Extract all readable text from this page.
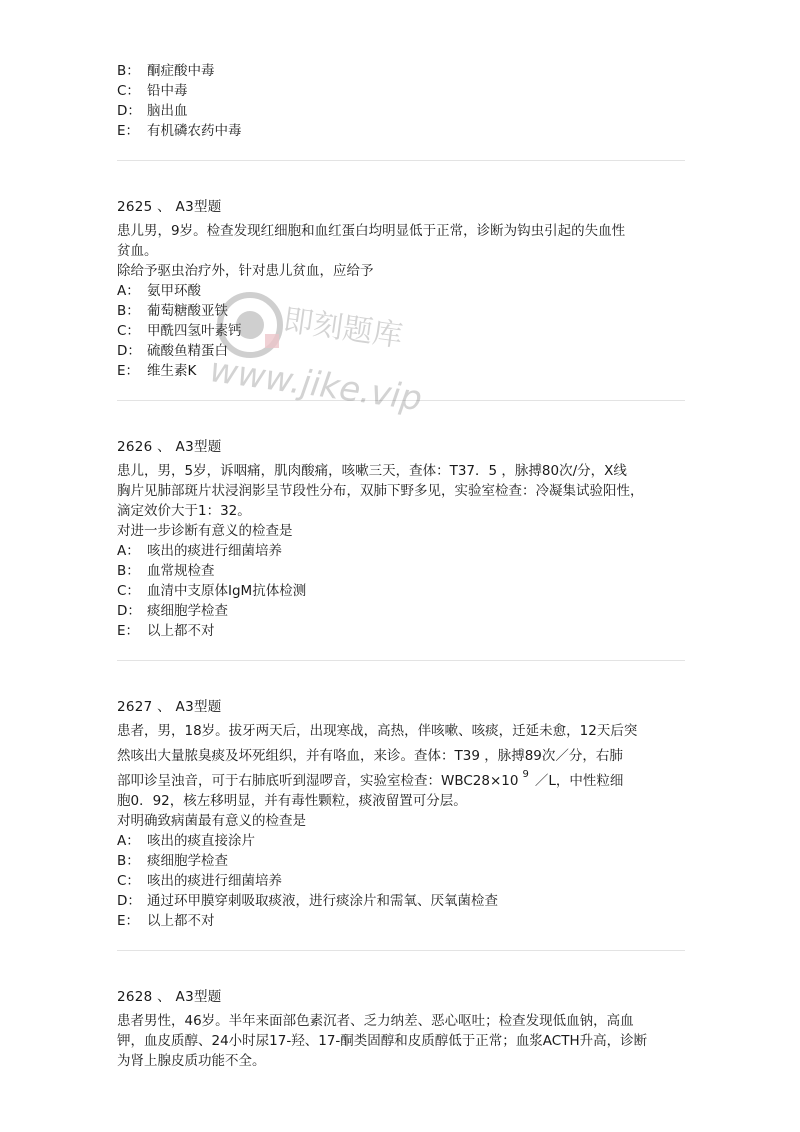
B： 酮症酸中毒
C： 铅中毒
D： 脑出血
E： 有机磷农药中毒
2625 、 A3型题
患儿男，9岁。检查发现红细胞和血红蛋白均明显低于正常，诊断为钩虫引起的失血性
贫血。
除给予驱虫治疗外，针对患儿贫血，应给予
A： 氨甲环酸
B： 葡萄糖酸亚铁
C： 甲酰四氢叶素钙
D： 硫酸鱼精蛋白
E： 维生素K
2626 、 A3型题
患儿，男，5岁，诉咽痛，肌肉酸痛，咳嗽三天，查体：T37．5 ，脉搏80次/分，X线
胸片见肺部斑片状浸润影呈节段性分布，双肺下野多见，实验室检查：冷凝集试验阳性，
滴定效价大于1：32。
对进一步诊断有意义的检查是
A： 咳出的痰进行细菌培养
B： 血常规检查
C： 血清中支原体IgM抗体检测
D： 痰细胞学检查
E： 以上都不对
2627 、 A3型题
患者，男，18岁。拔牙两天后，出现寒战，高热，伴咳嗽、咳痰，迁延未愈，12天后突
然咳出大量脓臭痰及坏死组织，并有咯血，来诊。查体：T39 ，脉搏89次／分，右肺
部叩诊呈浊音，可于右肺底听到湿啰音，实验室检查：WBC28×10 $^9$ ／L，中性粒细
胞0．92，核左移明显，并有毒性颗粒，痰液留置可分层。
对明确致病菌最有意义的检查是
A： 咳出的痰直接涂片
B： 痰细胞学检查
C： 咳出的痰进行细菌培养
D： 通过环甲膜穿刺吸取痰液，进行痰涂片和需氧、厌氧菌检查
E： 以上都不对
2628 、 A3型题
患者男性，46岁。半年来面部色素沉者、乏力纳差、恶心呕吐；检查发现低血钠，高血
钾，血皮质醇、24小时尿17-羟、17-酮类固醇和皮质醇低于正常；血浆ACTH升高，诊断
为肾上腺皮质功能不全。
即刻题库
www.jike.vip
